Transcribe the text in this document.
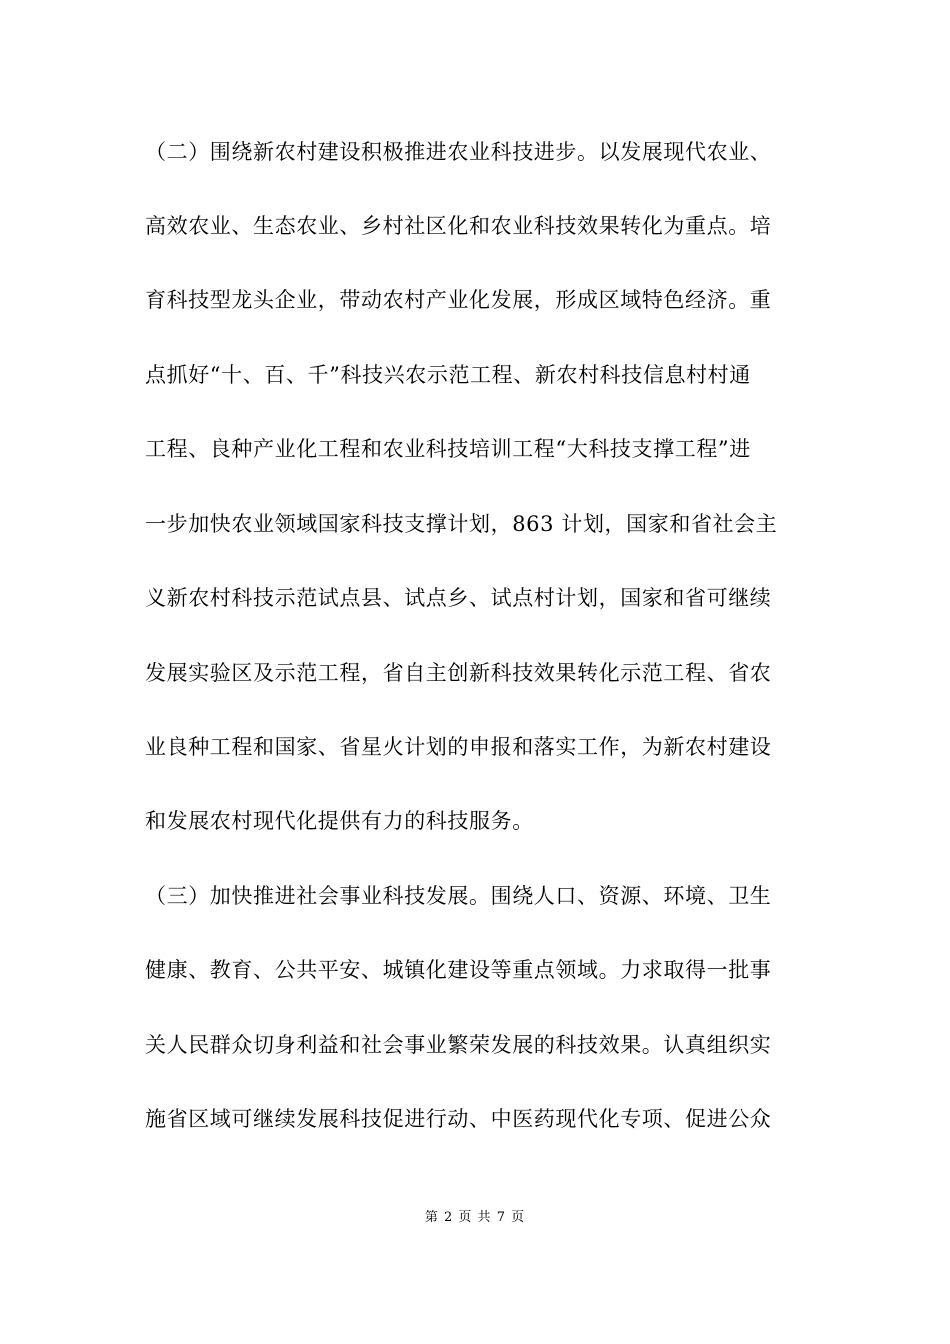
（二）围绕新农村建设积极推进农业科技进步。以发展现代农业、
高效农业、生态农业、乡村社区化和农业科技效果转化为重点。培
育科技型龙头企业，带动农村产业化发展，形成区域特色经济。重
点抓好“十、百、千”科技兴农示范工程、新农村科技信息村村通
工程、良种产业化工程和农业科技培训工程“大科技支撑工程”进
一步加快农业领域国家科技支撑计划，863 计划，国家和省社会主
义新农村科技示范试点县、试点乡、试点村计划，国家和省可继续
发展实验区及示范工程，省自主创新科技效果转化示范工程、省农
业良种工程和国家、省星火计划的申报和落实工作，为新农村建设
和发展农村现代化提供有力的科技服务。
（三）加快推进社会事业科技发展。围绕人口、资源、环境、卫生
健康、教育、公共平安、城镇化建设等重点领域。力求取得一批事
关人民群众切身利益和社会事业繁荣发展的科技效果。认真组织实
施省区域可继续发展科技促进行动、中医药现代化专项、促进公众
第 2 页 共 7 页
